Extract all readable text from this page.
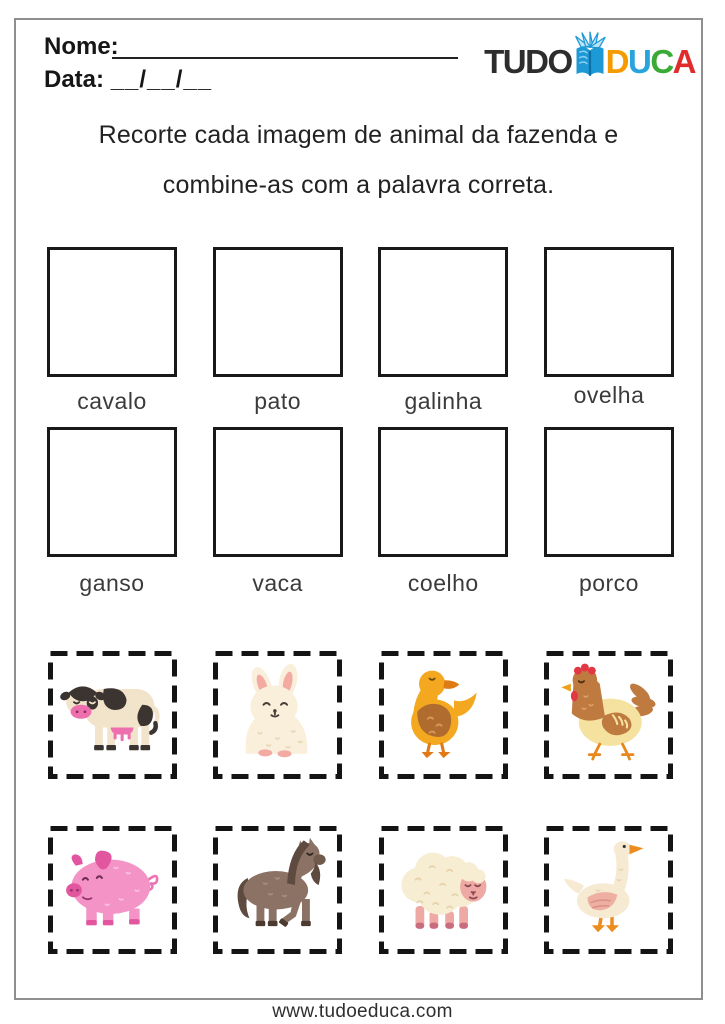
Nome:
Data: __/__/__	TUDO D U C A
Recorte cada imagem de animal da fazenda e
combine-as com a palavra correta.
cavalo	pato	galinha	ovelha
ganso	vaca	coelho	porco
www.tudoeduca.com
